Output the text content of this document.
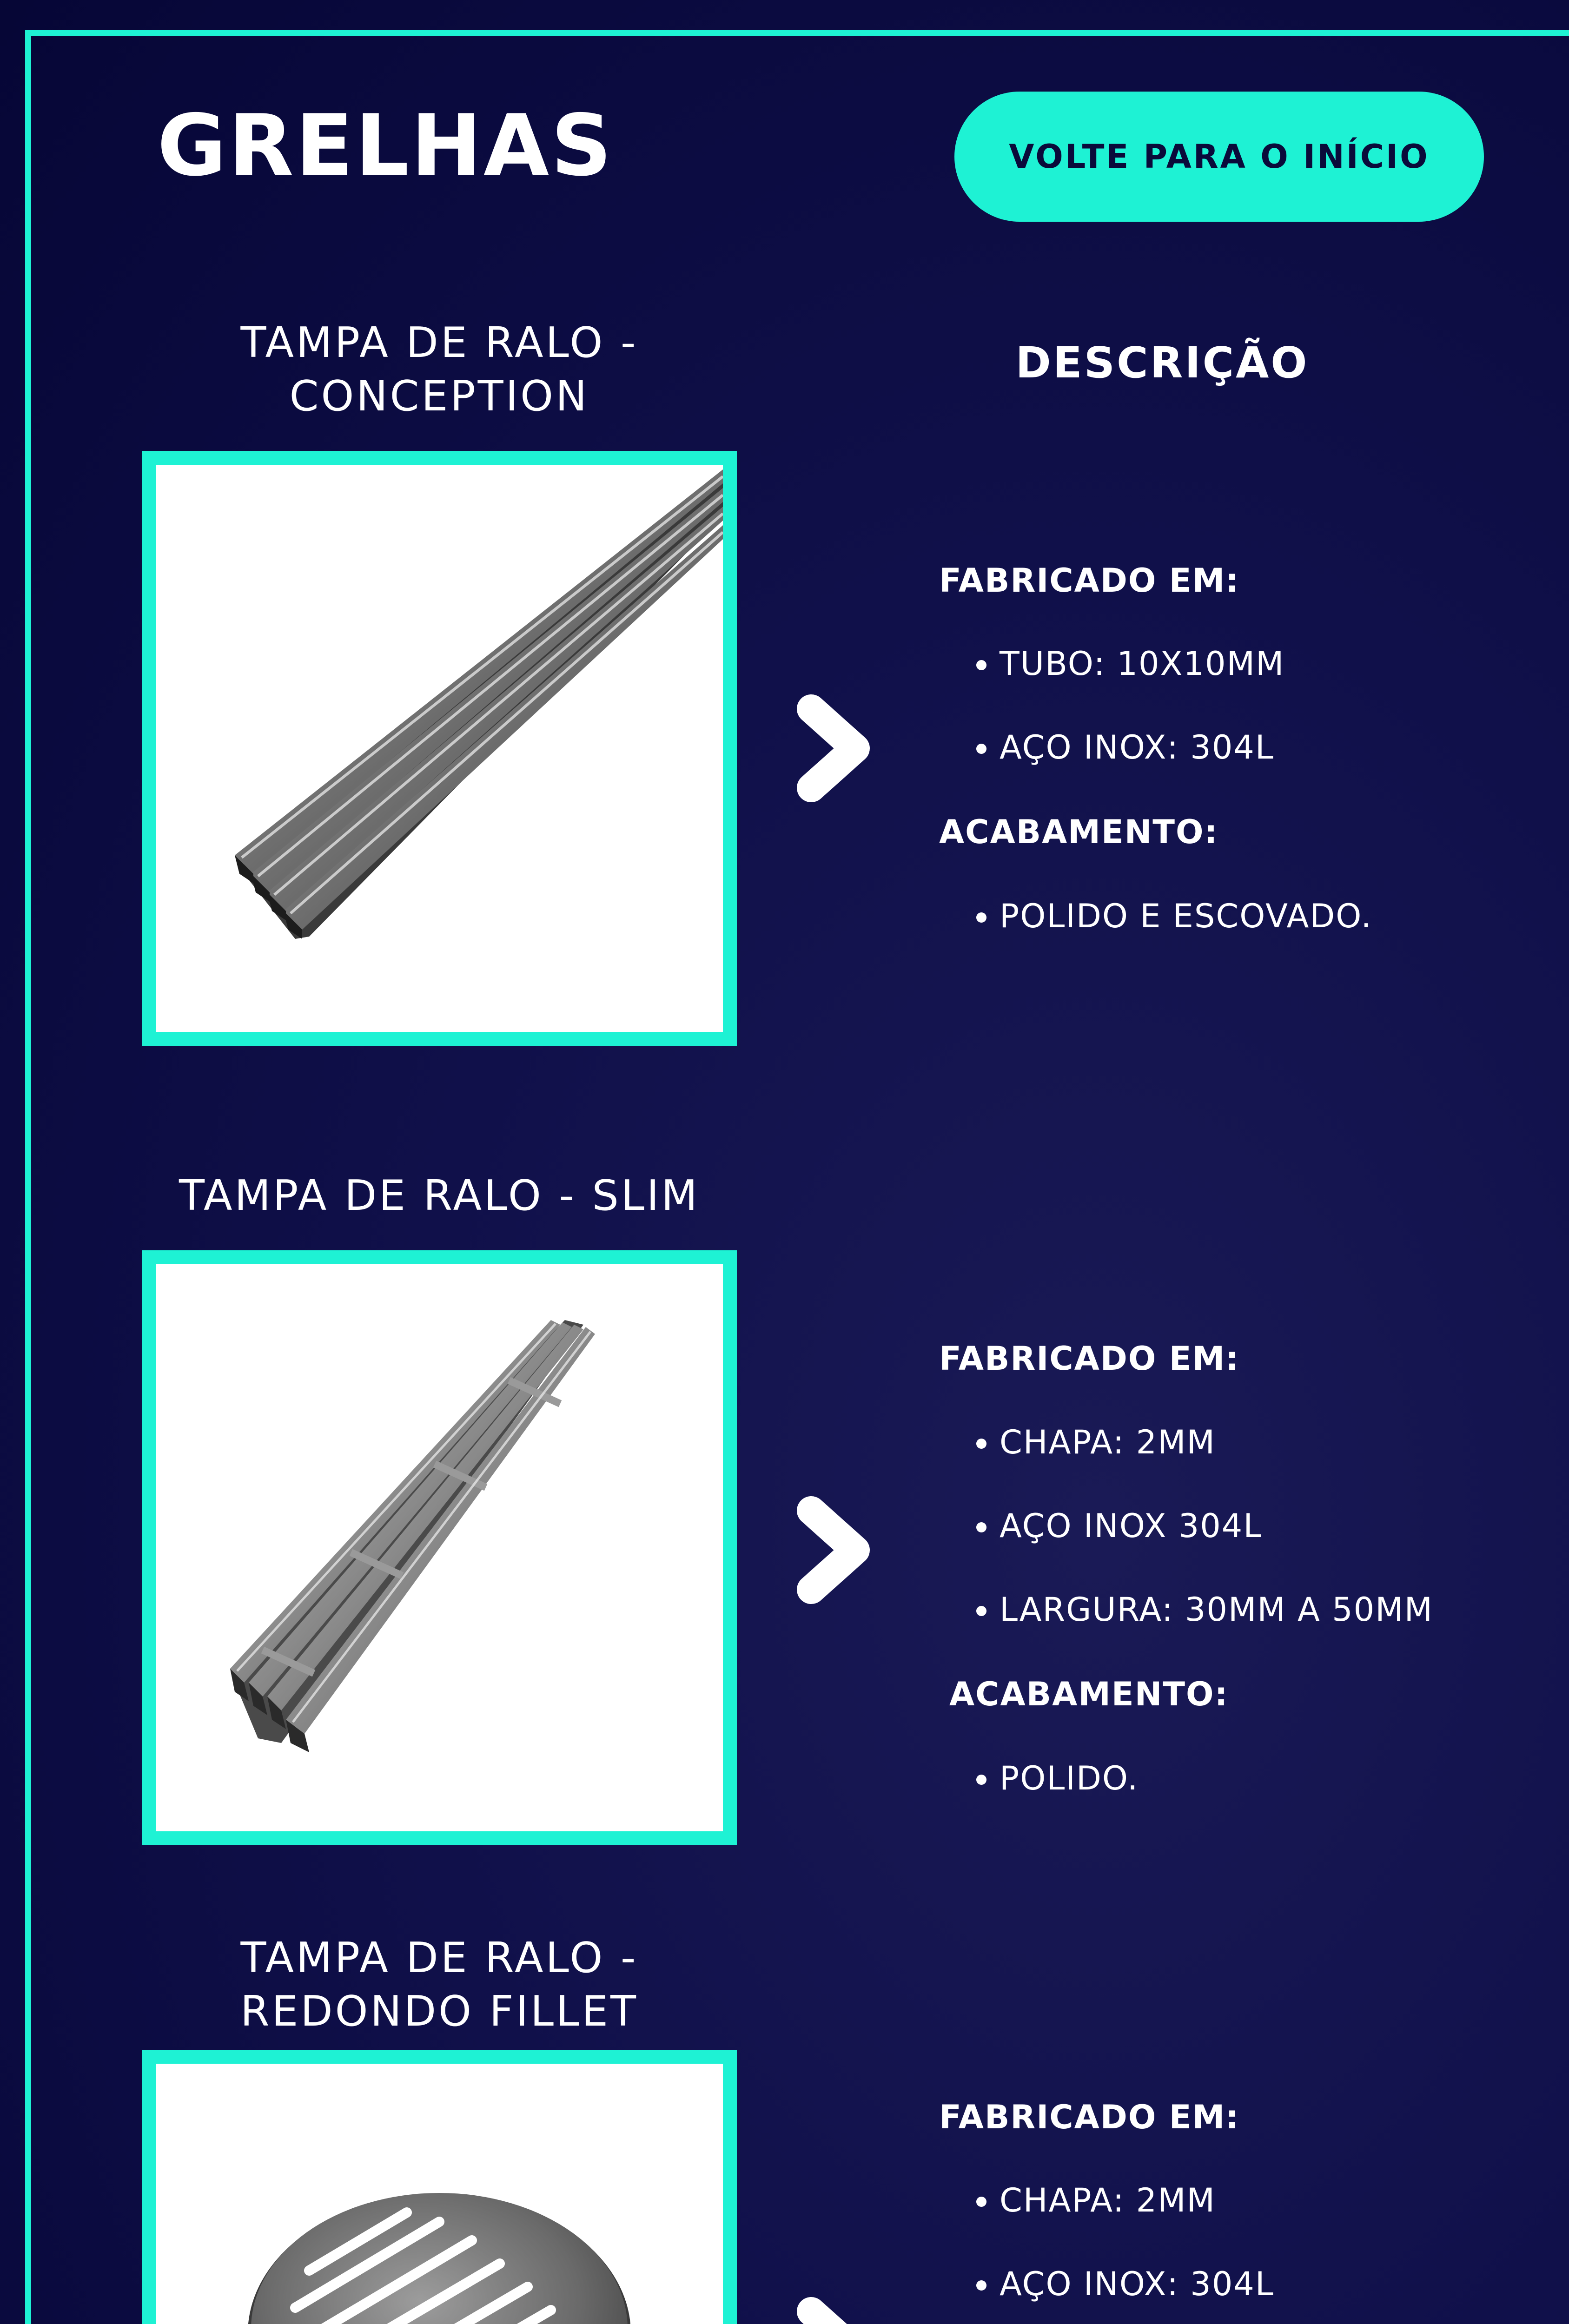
GRELHAS	VOLTE PARA O INÍCIO
DESCRIÇÃO
TAMPA DE RALO -
CONCEPTION
FABRICADO EM:
• TUBO: 10X10MM
• AÇO INOX: 304L
ACABAMENTO:
• POLIDO E ESCOVADO.
TAMPA DE RALO - SLIM
FABRICADO EM:
• CHAPA: 2MM
• AÇO INOX 304L
• LARGURA: 30MM A 50MM
ACABAMENTO:
• POLIDO.
TAMPA DE RALO -
REDONDO FILLET
FABRICADO EM:
• CHAPA: 2MM
• AÇO INOX: 304L
